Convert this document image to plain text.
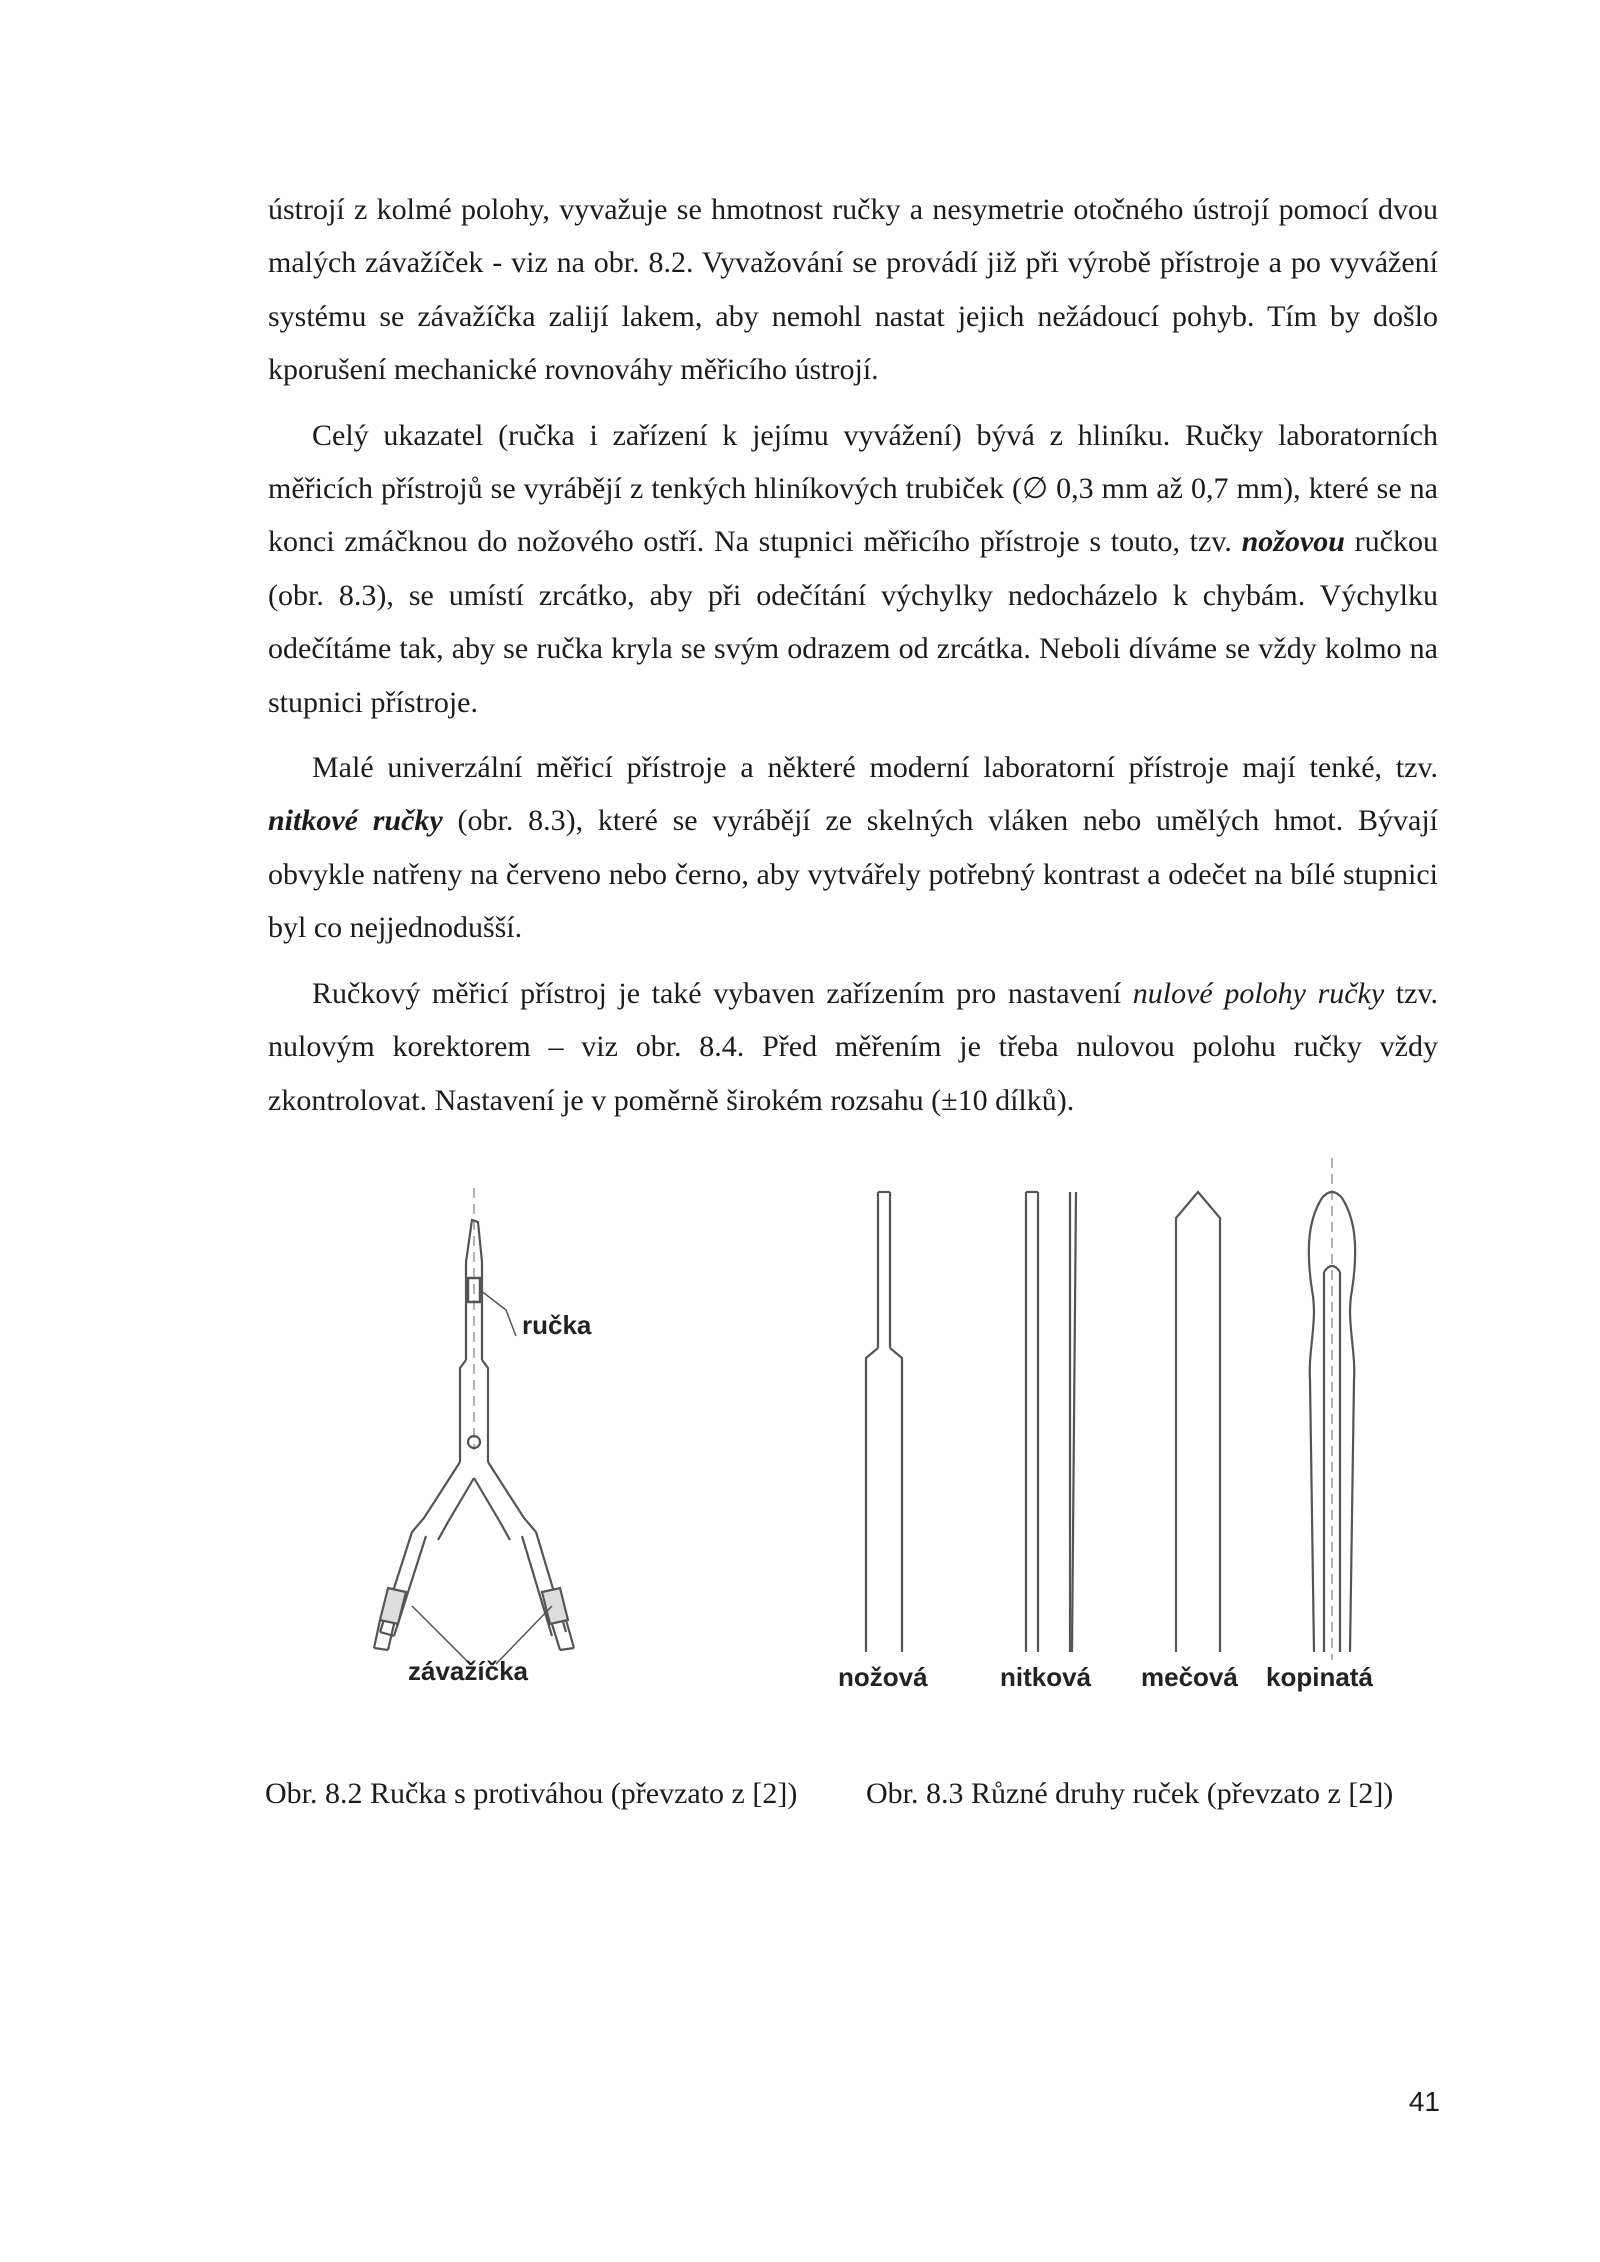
ústrojí z kolmé polohy, vyvažuje se hmotnost ručky a nesymetrie otočného ústrojí pomocí dvou malých závažíček - viz na obr. 8.2. Vyvažování se provádí již při výrobě přístroje a po vyvážení systému se závažíčka zalijí lakem, aby nemohl nastat jejich nežádoucí pohyb. Tím by došlo kporušení mechanické rovnováhy měřicího ústrojí.

Celý ukazatel (ručka i zařízení k jejímu vyvážení) bývá z hliníku. Ručky laboratorních měřicích přístrojů se vyrábějí z tenkých hliníkových trubiček (∅ 0,3 mm až 0,7 mm), které se na konci zmáčknou do nožového ostří. Na stupnici měřicího přístroje s touto, tzv. nožovou ručkou (obr. 8.3), se umístí zrcátko, aby při odečítání výchylky nedocházelo k chybám. Výchylku odečítáme tak, aby se ručka kryla se svým odrazem od zrcátka. Neboli díváme se vždy kolmo na stupnici přístroje.

Malé univerzální měřicí přístroje a některé moderní laboratorní přístroje mají tenké, tzv. nitkové ručky (obr. 8.3), které se vyrábějí ze skelných vláken nebo umělých hmot. Bývají obvykle natřeny na červeno nebo černo, aby vytvářely potřebný kontrast a odečet na bílé stupnici byl co nejjednodušší.

Ručkový měřicí přístroj je také vybaven zařízením pro nastavení nulové polohy ručky tzv. nulovým korektorem – viz obr. 8.4. Před měřením je třeba nulovou polohu ručky vždy zkontrolovat. Nastavení je v poměrně širokém rozsahu (±10 dílků).

ručka
závažíčka	nožová	nitková mečová kopinatá
Obr. 8.2 Ručka s protiváhou (převzato z [2]) Obr. 8.3 Různé druhy ruček (převzato z [2])
41
